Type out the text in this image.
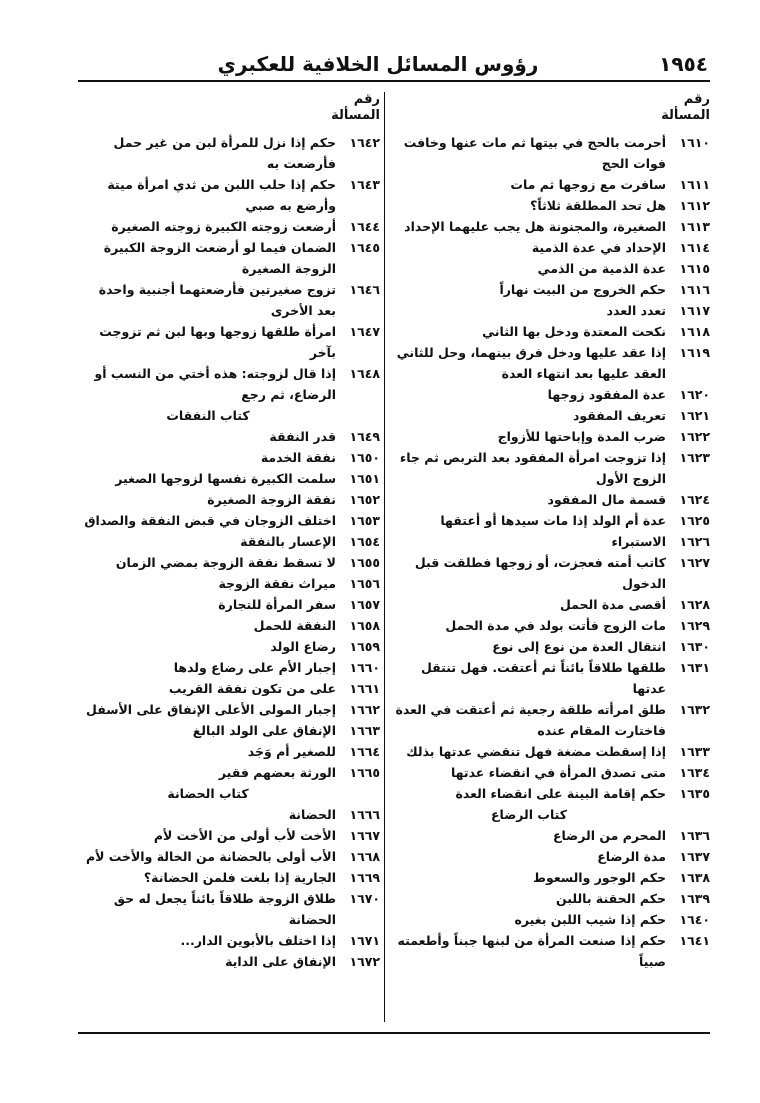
١٩٥٤
رؤوس المسائل الخلافية للعكبري
رقم
المسألة
١٦١٠
أحرمت بالحج في بيتها ثم مات عنها وخافت فوات الحج
١٦١١
سافرت مع زوجها ثم مات
١٦١٢
هل تحد المطلقة ثلاثاً؟
١٦١٣
الصغيرة، والمجنونة هل يجب عليهما الإحداد
١٦١٤
الإحداد في عدة الذمية
١٦١٥
عدة الذمية من الذمي
١٦١٦
حكم الخروج من البيت نهاراً
١٦١٧
تعدد العدد
١٦١٨
نكحت المعتدة ودخل بها الثاني
١٦١٩
إذا عقد عليها ودخل فرق بينهما، وحل للثاني العقد عليها بعد انتهاء العدة
١٦٢٠
عدة المفقود زوجها
١٦٢١
تعريف المفقود
١٦٢٢
ضرب المدة وإباحتها للأزواج
١٦٢٣
إذا تزوجت امرأة المفقود بعد التربص ثم جاء الزوج الأول
١٦٢٤
قسمة مال المفقود
١٦٢٥
عدة أم الولد إذا مات سيدها أو أعتقها
١٦٢٦
الاستبراء
١٦٢٧
كاتب أمته فعجزت، أو زوجها فطلقت قبل الدخول
١٦٢٨
أقصى مدة الحمل
١٦٢٩
مات الزوج فأتت بولد في مدة الحمل
١٦٣٠
انتقال العدة من نوع إلى نوع
١٦٣١
طلقها طلاقاً بائناً ثم أعتقت. فهل تنتقل عدتها
١٦٣٢
طلق امرأته طلقة رجعية ثم أعتقت في العدة فاختارت المقام عنده
١٦٣٣
إذا إسقطت مضغة فهل تنقضي عدتها بذلك
١٦٣٤
متى تصدق المرأة في انقضاء عدتها
١٦٣٥
حكم إقامة البينة على انقضاء العدة
كتاب الرضاع
١٦٣٦
المحرم من الرضاع
١٦٣٧
مدة الرضاع
١٦٣٨
حكم الوجور والسعوط
١٦٣٩
حكم الحقنة باللبن
١٦٤٠
حكم إذا شيب اللبن بغيره
١٦٤١
حكم إذا صنعت المرأة من لبنها جبناً وأطعمته صبياً
رقم
المسألة
١٦٤٢
حكم إذا نزل للمرأة لبن من غير حمل فأرضعت به
١٦٤٣
حكم إذا حلب اللبن من ثدي امرأة ميتة وأرضع به صبي
١٦٤٤
أرضعت زوجته الكبيرة زوجته الصغيرة
١٦٤٥
الضمان فيما لو أرضعت الزوجة الكبيرة الزوجة الصغيرة
١٦٤٦
تزوج صغيرتين فأرضعتهما أجنبية واحدة بعد الأخرى
١٦٤٧
امرأة طلقها زوجها وبها لبن ثم تزوجت بآخر
١٦٤٨
إذا قال لزوجته: هذه أختي من النسب أو الرضاع، ثم رجع
كتاب النفقات
١٦٤٩
قدر النفقة
١٦٥٠
نفقة الخدمة
١٦٥١
سلمت الكبيرة نفسها لزوجها الصغير
١٦٥٢
نفقة الزوجة الصغيرة
١٦٥٣
اختلف الزوجان في قبض النفقة والصداق
١٦٥٤
الإعسار بالنفقة
١٦٥٥
لا تسقط نفقة الزوجة بمضي الزمان
١٦٥٦
ميراث نفقة الزوجة
١٦٥٧
سفر المرأة للتجارة
١٦٥٨
النفقة للحمل
١٦٥٩
رضاع الولد
١٦٦٠
إجبار الأم على رضاع ولدها
١٦٦١
على من تكون نفقة القريب
١٦٦٢
إجبار المولى الأعلى الإنفاق على الأسفل
١٦٦٣
الإنفاق على الولد البالغ
١٦٦٤
للصغير أم وَجَد
١٦٦٥
الورثة بعضهم فقير
كتاب الحضانة
١٦٦٦
الحضانة
١٦٦٧
الأخت لأب أولى من الأخت لأم
١٦٦٨
الأب أولى بالحضانة من الخالة والأخت لأم
١٦٦٩
الجارية إذا بلغت فلمن الحضانة؟
١٦٧٠
طلاق الزوجة طلاقاً بائناً يجعل له حق الحضانة
١٦٧١
إذا اختلف بالأبوين الدار...
١٦٧٢
الإنفاق على الداية
